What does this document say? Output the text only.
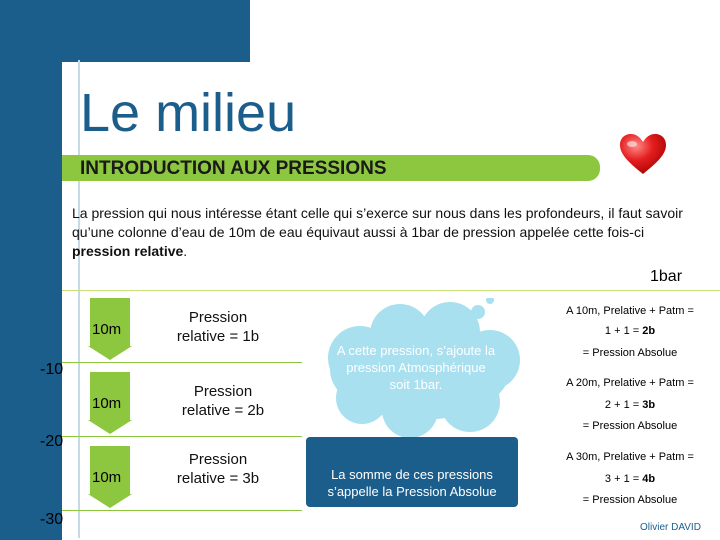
Le milieu
INTRODUCTION AUX PRESSIONS
La pression qui nous intéresse étant celle qui s’exerce sur nous dans les profondeurs, il faut savoir qu’une colonne d’eau de 10m de eau équivaut aussi à 1bar de pression appelée cette fois-ci pression relative.
1bar
10m
Pression relative = 1b
-10
10m
Pression relative = 2b
-20
10m
Pression relative = 3b
-30
A cette pression, s’ajoute la pression Atmosphérique soit 1bar.
La somme de ces pressions s’appelle la Pression Absolue
A 10m, Prelative + Patm =
1 + 1 = 2b
= Pression Absolue
A 20m, Prelative + Patm =
2 + 1 = 3b
= Pression Absolue
A 30m, Prelative + Patm =
3 + 1 = 4b
= Pression Absolue
Olivier DAVID
